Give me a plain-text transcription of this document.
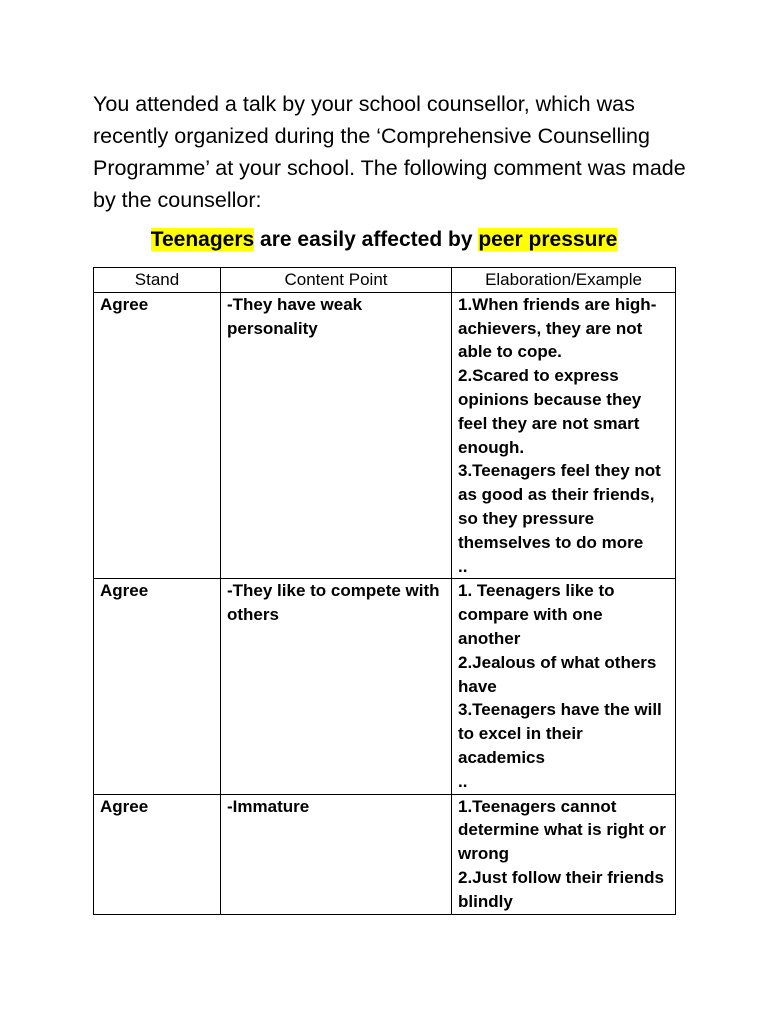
You attended a talk by your school counsellor, which was recently organized during the ‘Comprehensive Counselling Programme’ at your school. The following comment was made by the counsellor:

Teenagers are easily affected by peer pressure

Stand	Content Point	Elaboration/Example
Agree	-They have weak personality	1.When friends are high- achievers, they are not able to cope.
2.Scared to express opinions because they feel they are not smart enough.
3.Teenagers feel they not as good as their friends, so they pressure themselves to do more
..

Agree	-They like to compete with others	1. Teenagers like to compare with one another
2.Jealous of what others have
3.Teenagers have the will to excel in their academics
..

Agree	-Immature	1.Teenagers cannot determine what is right or wrong
2.Just follow their friends blindly
